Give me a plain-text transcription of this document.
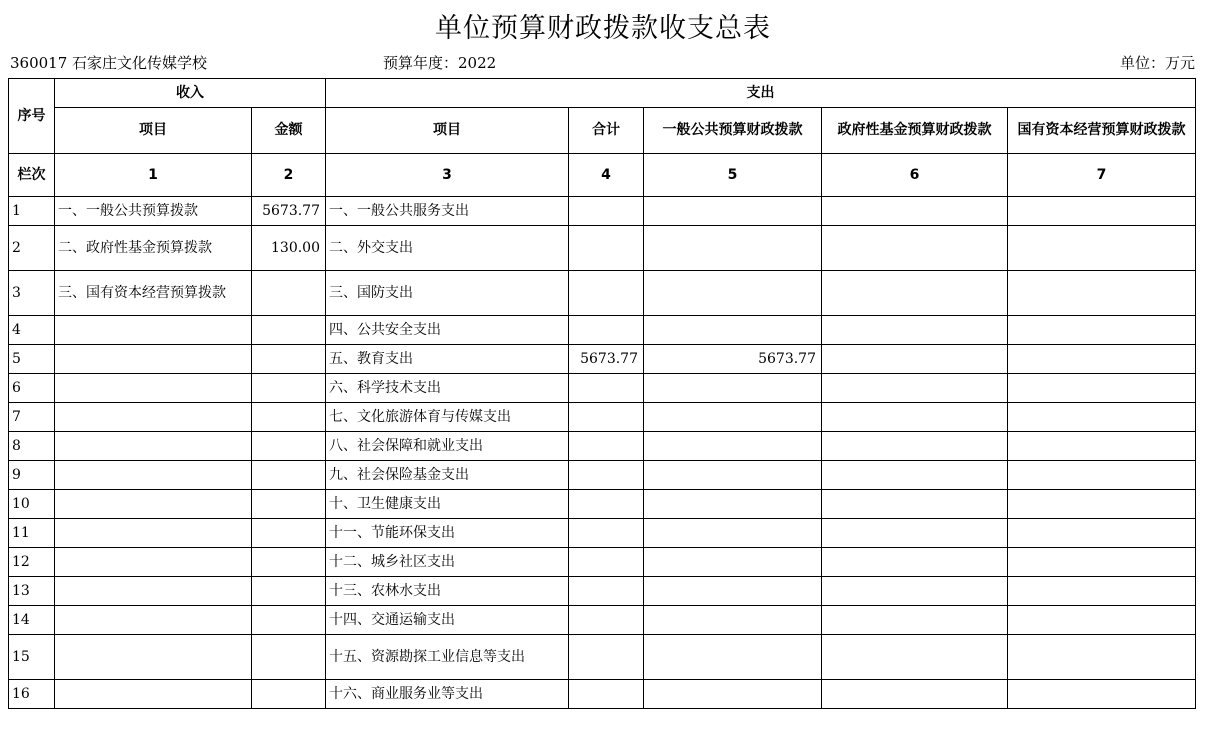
单位预算财政拨款收支总表
360017 石家庄文化传媒学校	预算年度：2022	单位：万元
序号	收入		支出				
	项目	金额	项目	合计	一般公共预算财政拨款	政府性基金预算财政拨款	国有资本经营预算财政拨款
栏次	1	2	3	4	5	6	7
1	一、一般公共预算拨款	5673.77	一、一般公共服务支出				
2	二、政府性基金预算拨款	130.00	二、外交支出				
3	三、国有资本经营预算拨款		三、国防支出				
4			四、公共安全支出				
5			五、教育支出	5673.77	5673.77		
6			六、科学技术支出				
7			七、文化旅游体育与传媒支出				
8			八、社会保障和就业支出				
9			九、社会保险基金支出				
10			十、卫生健康支出				
11			十一、节能环保支出				
12			十二、城乡社区支出				
13			十三、农林水支出				
14			十四、交通运输支出				
15			十五、资源勘探工业信息等支出				
16			十六、商业服务业等支出				
